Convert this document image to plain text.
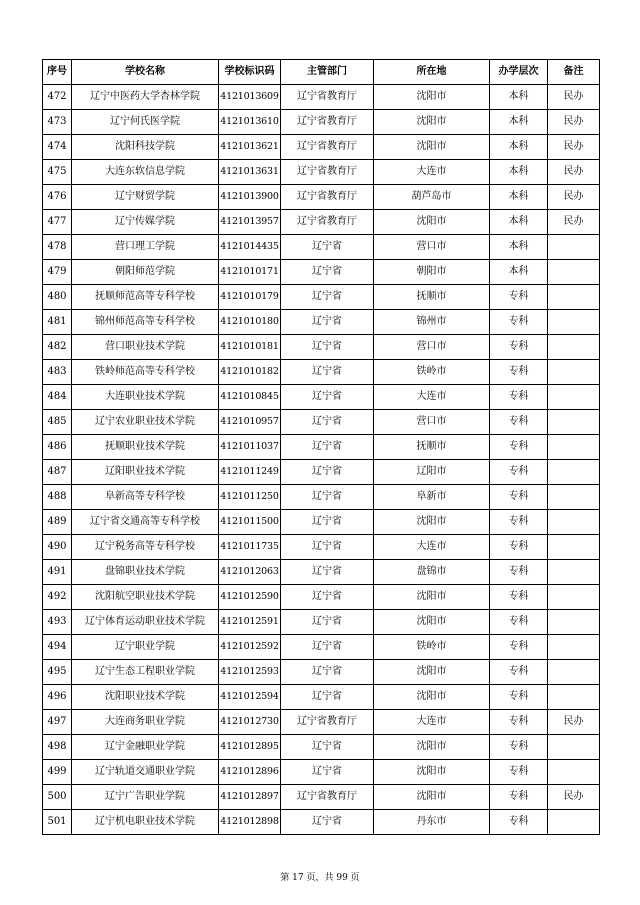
序号	学校名称	学校标识码	主管部门	所在地	办学层次	备注
472	辽宁中医药大学杏林学院	4121013609	辽宁省教育厅	沈阳市	本科	民办
473	辽宁何氏医学院	4121013610	辽宁省教育厅	沈阳市	本科	民办
474	沈阳科技学院	4121013621	辽宁省教育厅	沈阳市	本科	民办
475	大连东软信息学院	4121013631	辽宁省教育厅	大连市	本科	民办
476	辽宁财贸学院	4121013900	辽宁省教育厅	葫芦岛市	本科	民办
477	辽宁传媒学院	4121013957	辽宁省教育厅	沈阳市	本科	民办
478	营口理工学院	4121014435	辽宁省	营口市	本科	
479	朝阳师范学院	4121010171	辽宁省	朝阳市	本科	
480	抚顺师范高等专科学校	4121010179	辽宁省	抚顺市	专科	
481	锦州师范高等专科学校	4121010180	辽宁省	锦州市	专科	
482	营口职业技术学院	4121010181	辽宁省	营口市	专科	
483	铁岭师范高等专科学校	4121010182	辽宁省	铁岭市	专科	
484	大连职业技术学院	4121010845	辽宁省	大连市	专科	
485	辽宁农业职业技术学院	4121010957	辽宁省	营口市	专科	
486	抚顺职业技术学院	4121011037	辽宁省	抚顺市	专科	
487	辽阳职业技术学院	4121011249	辽宁省	辽阳市	专科	
488	阜新高等专科学校	4121011250	辽宁省	阜新市	专科	
489	辽宁省交通高等专科学校	4121011500	辽宁省	沈阳市	专科	
490	辽宁税务高等专科学校	4121011735	辽宁省	大连市	专科	
491	盘锦职业技术学院	4121012063	辽宁省	盘锦市	专科	
492	沈阳航空职业技术学院	4121012590	辽宁省	沈阳市	专科	
493	辽宁体育运动职业技术学院	4121012591	辽宁省	沈阳市	专科	
494	辽宁职业学院	4121012592	辽宁省	铁岭市	专科	
495	辽宁生态工程职业学院	4121012593	辽宁省	沈阳市	专科	
496	沈阳职业技术学院	4121012594	辽宁省	沈阳市	专科	
497	大连商务职业学院	4121012730	辽宁省教育厅	大连市	专科	民办
498	辽宁金融职业学院	4121012895	辽宁省	沈阳市	专科	
499	辽宁轨道交通职业学院	4121012896	辽宁省	沈阳市	专科	
500	辽宁广告职业学院	4121012897	辽宁省教育厅	沈阳市	专科	民办
501	辽宁机电职业技术学院	4121012898	辽宁省	丹东市	专科	
第 17 页，共 99 页
